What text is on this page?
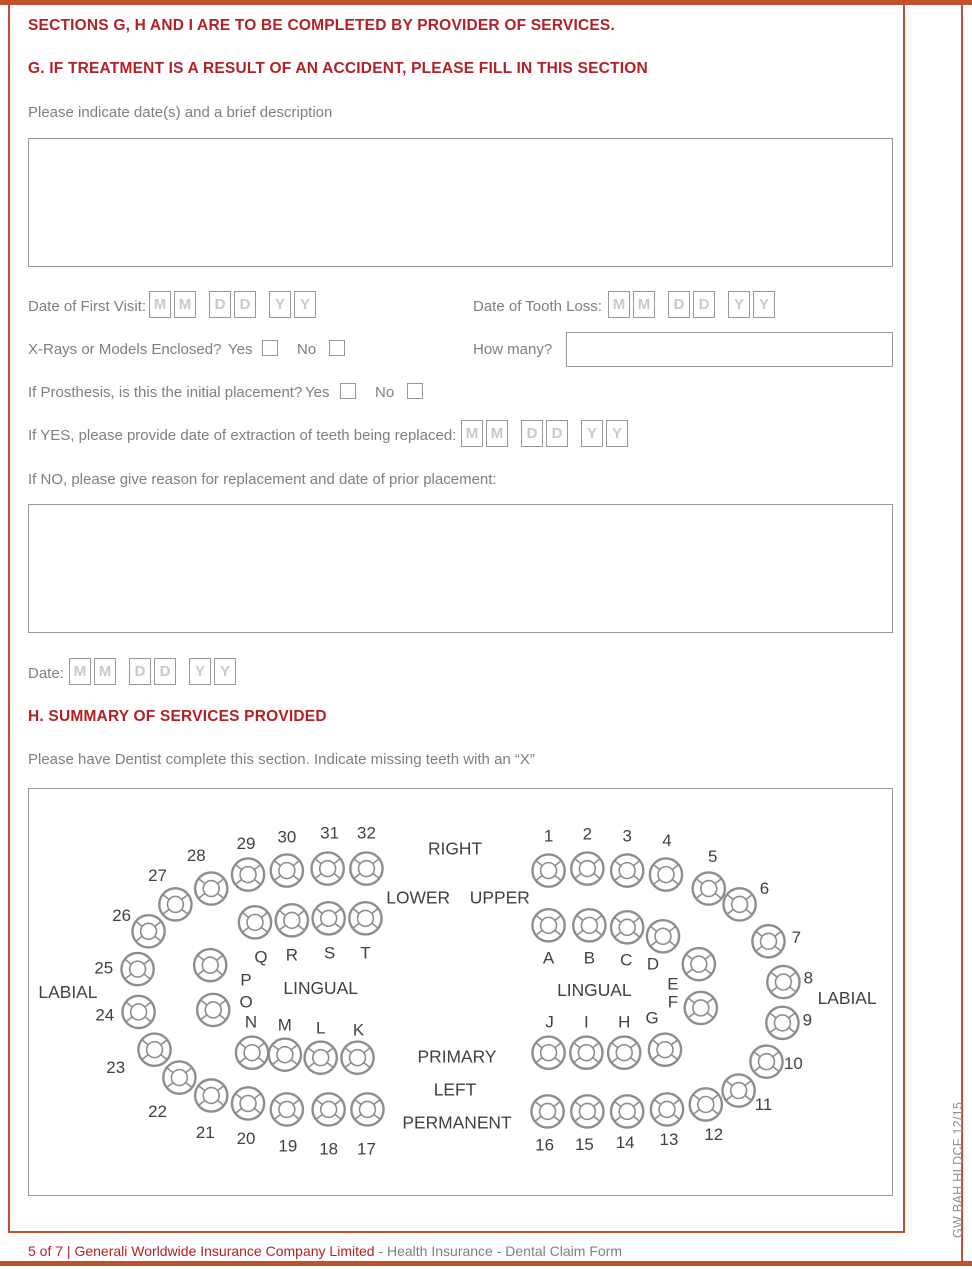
SECTIONS G, H AND I ARE TO BE COMPLETED BY PROVIDER OF SERVICES.
G. IF TREATMENT IS A RESULT OF AN ACCIDENT, PLEASE FILL IN THIS SECTION
Please indicate date(s) and a brief description
Date of First Visit: M M	D D	Y Y	Date of Tooth Loss: M M	D D	Y Y
X-Rays or Models Enclosed? Yes	No	How many?
If Prosthesis, is this the initial placement? Yes	No
If YES, please provide date of extraction of teeth being replaced: M M	D D	Y Y
If NO, please give reason for replacement and date of prior placement:
Date: M M	D D	Y Y
H. SUMMARY OF SERVICES PROVIDED
Please have Dentist complete this section. Indicate missing teeth with an “X”
17
18
19
20
21
22
23
24
25
26
27
28
29 30 31 32
K
L
M
N
O
P
Q R S T
1 2 3 4
5
6
7
8
9
10
11
12
13
14
15
16
A B C D
E
F
G
H
I
J
RIGHT
LOWER UPPER
LABIAL	LINGUAL	LINGUAL	LABIAL
PRIMARY
LEFT
PERMANENT
5 of 7 | Generali Worldwide Insurance Company Limited - Health Insurance - Dental Claim Form
GW BAH HI DCF 12/15
